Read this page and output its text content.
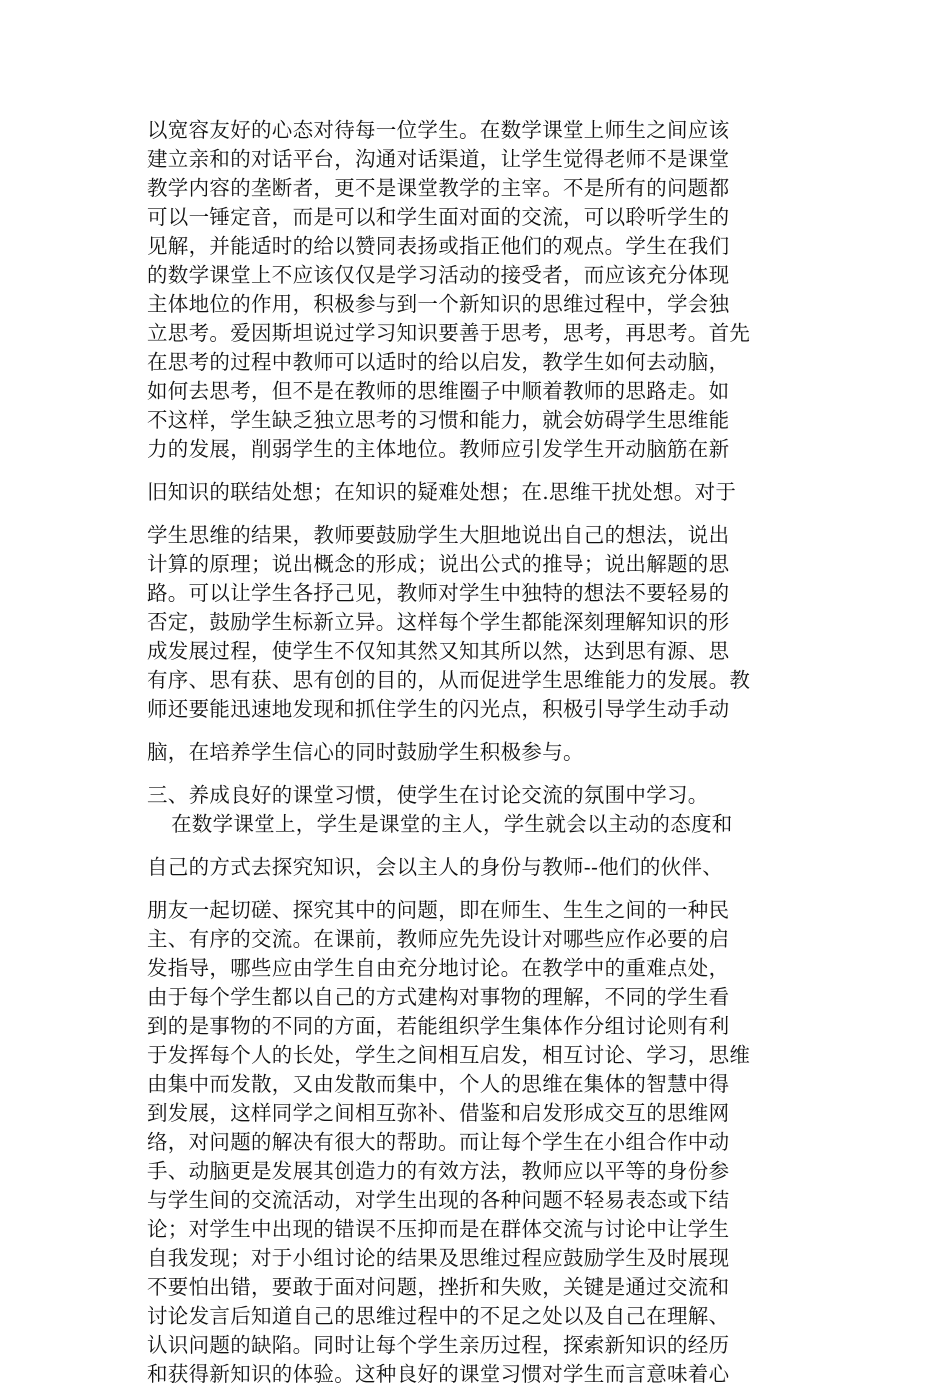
以宽容友好的心态对待每一位学生。在数学课堂上师生之间应该
建立亲和的对话平台，沟通对话渠道，让学生觉得老师不是课堂
教学内容的垄断者，更不是课堂教学的主宰。不是所有的问题都
可以一锤定音，而是可以和学生面对面的交流，可以聆听学生的
见解，并能适时的给以赞同表扬或指正他们的观点。学生在我们
的数学课堂上不应该仅仅是学习活动的接受者，而应该充分体现
主体地位的作用，积极参与到一个新知识的思维过程中，学会独
立思考。爱因斯坦说过学习知识要善于思考，思考，再思考。首先
在思考的过程中教师可以适时的给以启发，教学生如何去动脑，
如何去思考，但不是在教师的思维圈子中顺着教师的思路走。如
不这样，学生缺乏独立思考的习惯和能力，就会妨碍学生思维能
力的发展，削弱学生的主体地位。教师应引发学生开动脑筋在新
旧知识的联结处想；在知识的疑难处想；在.思维干扰处想。对于
学生思维的结果，教师要鼓励学生大胆地说出自己的想法，说出
计算的原理；说出概念的形成；说出公式的推导；说出解题的思
路。可以让学生各抒己见，教师对学生中独特的想法不要轻易的
否定，鼓励学生标新立异。这样每个学生都能深刻理解知识的形
成发展过程，使学生不仅知其然又知其所以然，达到思有源、思
有序、思有获、思有创的目的，从而促进学生思维能力的发展。教
师还要能迅速地发现和抓住学生的闪光点，积极引导学生动手动
脑，在培养学生信心的同时鼓励学生积极参与。
三、养成良好的课堂习惯，使学生在讨论交流的氛围中学习。
在数学课堂上，学生是课堂的主人，学生就会以主动的态度和
自己的方式去探究知识，会以主人的身份与教师--他们的伙伴、
朋友一起切磋、探究其中的问题，即在师生、生生之间的一种民
主、有序的交流。在课前，教师应先先设计对哪些应作必要的启
发指导，哪些应由学生自由充分地讨论。在教学中的重难点处，
由于每个学生都以自己的方式建构对事物的理解，不同的学生看
到的是事物的不同的方面，若能组织学生集体作分组讨论则有利
于发挥每个人的长处，学生之间相互启发，相互讨论、学习，思维
由集中而发散，又由发散而集中，个人的思维在集体的智慧中得
到发展，这样同学之间相互弥补、借鉴和启发形成交互的思维网
络，对问题的解决有很大的帮助。而让每个学生在小组合作中动
手、动脑更是发展其创造力的有效方法，教师应以平等的身份参
与学生间的交流活动，对学生出现的各种问题不轻易表态或下结
论；对学生中出现的错误不压抑而是在群体交流与讨论中让学生
自我发现；对于小组讨论的结果及思维过程应鼓励学生及时展现
不要怕出错，要敢于面对问题，挫折和失败，关键是通过交流和
讨论发言后知道自己的思维过程中的不足之处以及自己在理解、
认识问题的缺陷。同时让每个学生亲历过程，探索新知识的经历
和获得新知识的体验。这种良好的课堂习惯对学生而言意味着心
